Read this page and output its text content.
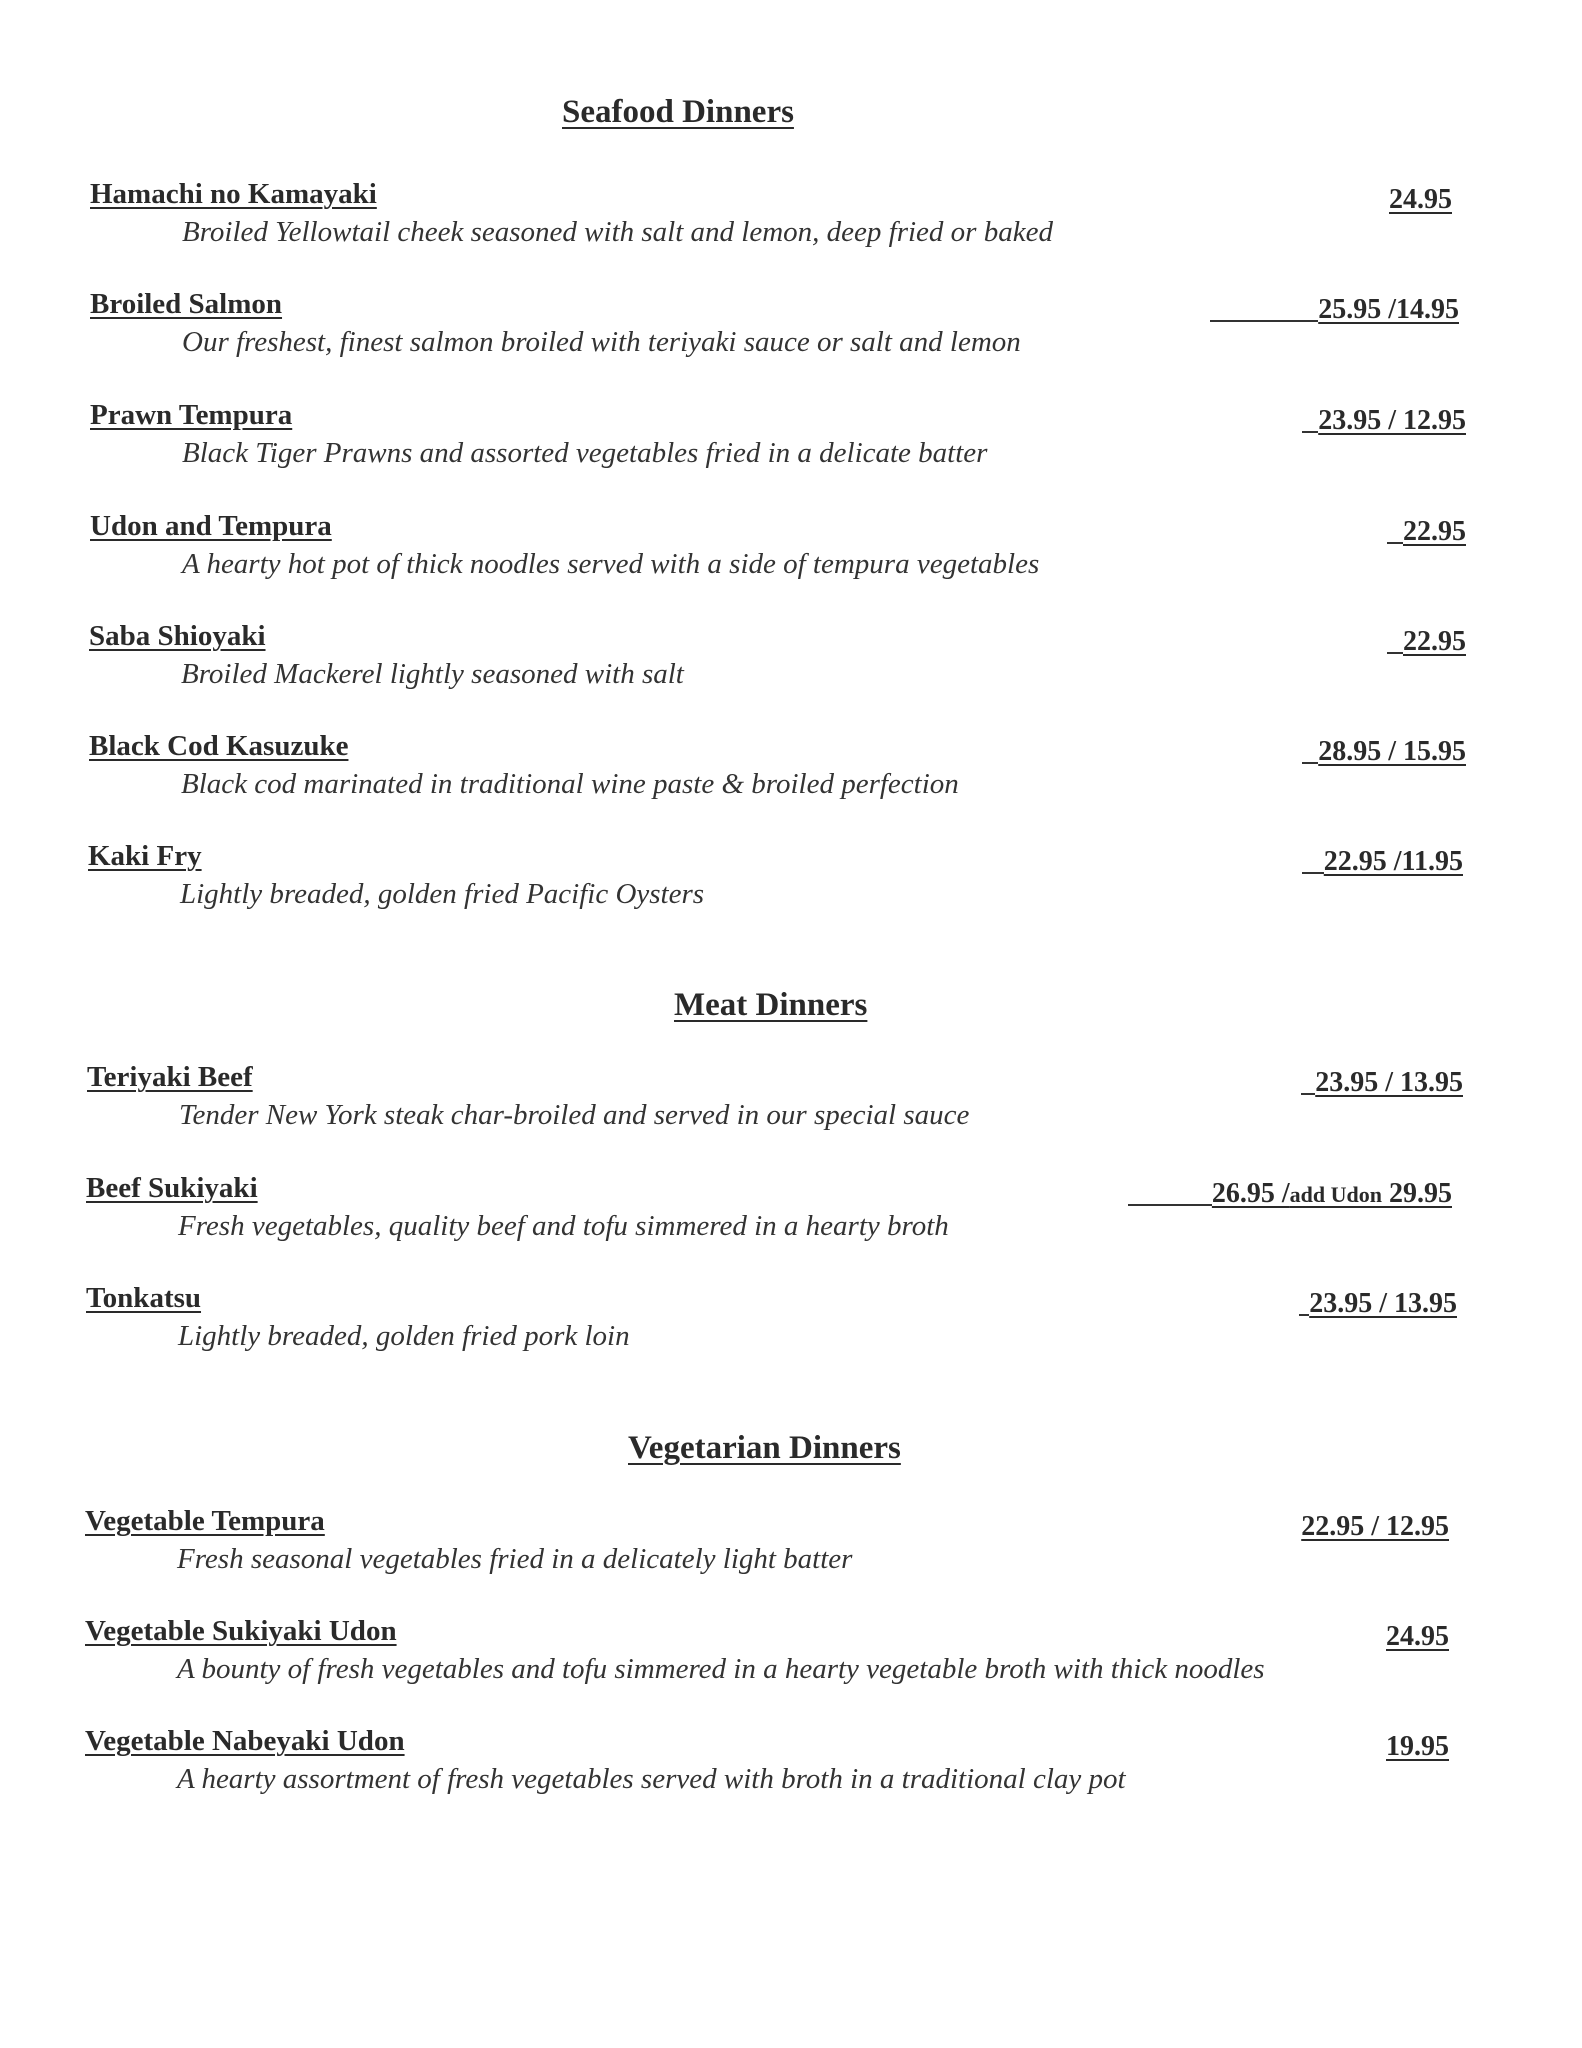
Seafood Dinners
Hamachi no Kamayaki
Broiled Yellowtail cheek seasoned with salt and lemon, deep fried or baked
24.95
Broiled Salmon
Our freshest, finest salmon broiled with teriyaki sauce or salt and lemon
25.95 /14.95
Prawn Tempura
Black Tiger Prawns and assorted vegetables fried in a delicate batter
23.95 / 12.95
Udon and Tempura
A hearty hot pot of thick noodles served with a side of tempura vegetables
22.95
Saba Shioyaki
Broiled Mackerel lightly seasoned with salt
22.95
Black Cod Kasuzuke
Black cod marinated in traditional wine paste & broiled perfection
28.95 / 15.95
Kaki Fry
Lightly breaded, golden fried Pacific Oysters
22.95 /11.95
Meat Dinners
Teriyaki Beef
Tender New York steak char-broiled and served in our special sauce
23.95 / 13.95
Beef Sukiyaki
Fresh vegetables, quality beef and tofu simmered in a hearty broth
26.95 /add Udon 29.95
Tonkatsu
Lightly breaded, golden fried pork loin
23.95 / 13.95
Vegetarian Dinners
Vegetable Tempura
Fresh seasonal vegetables fried in a delicately light batter
22.95 / 12.95
Vegetable Sukiyaki Udon
A bounty of fresh vegetables and tofu simmered in a hearty vegetable broth with thick noodles
24.95
Vegetable Nabeyaki Udon
A hearty assortment of fresh vegetables served with broth in a traditional clay pot
19.95
